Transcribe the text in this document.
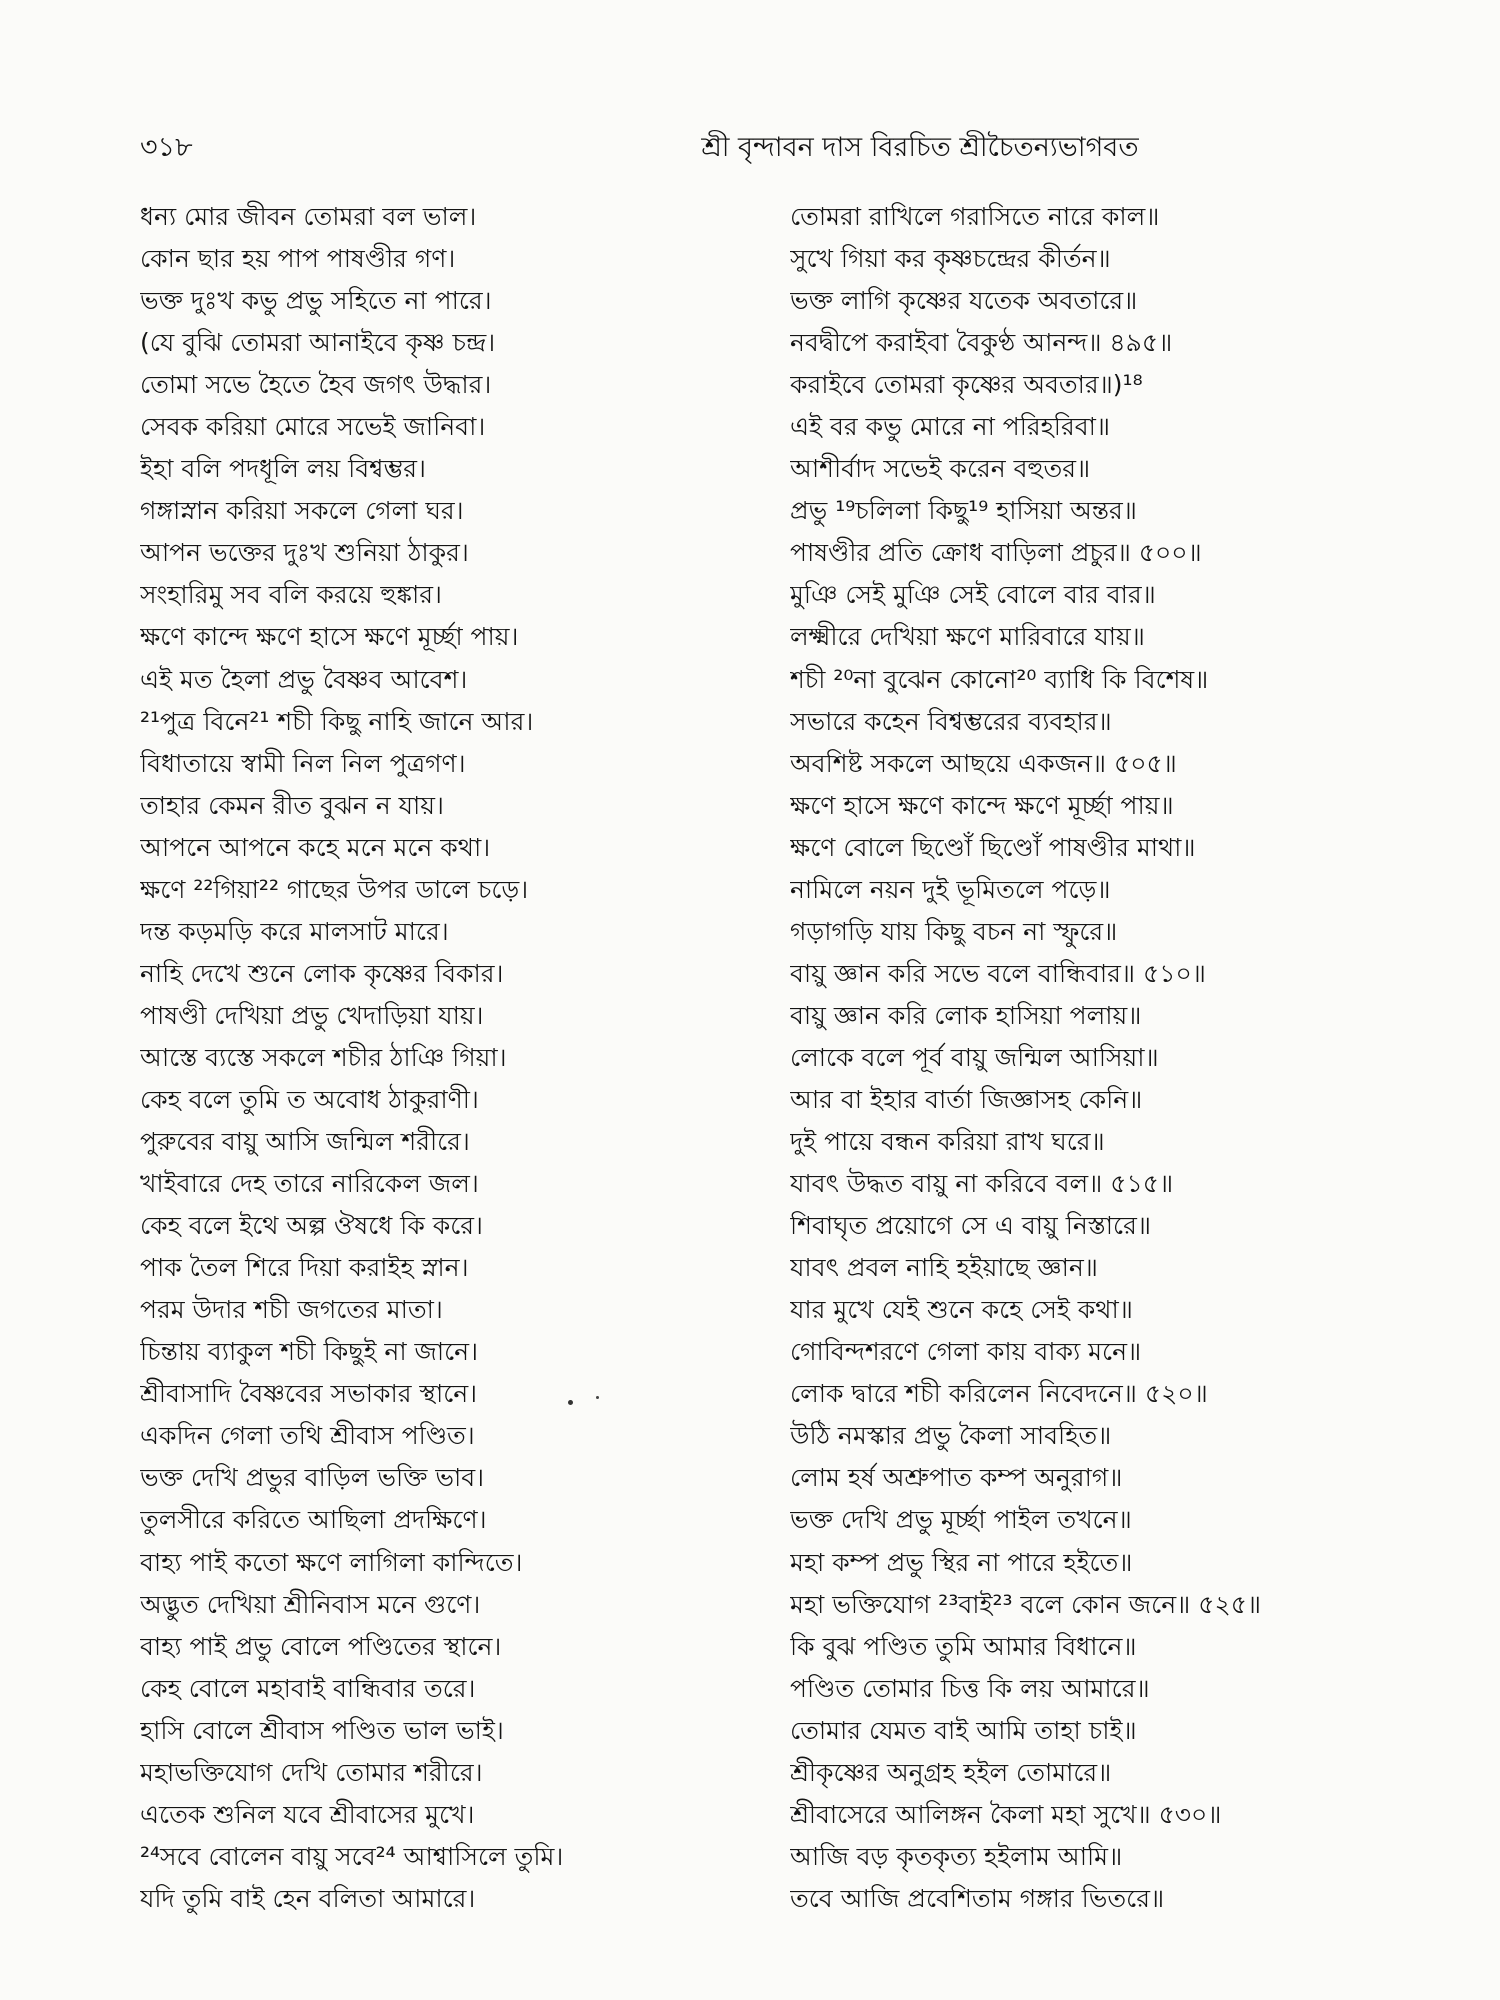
৩১৮	শ্রী বৃন্দাবন দাস বিরচিত শ্রীচৈতন্যভাগবত
ধন্য মোর জীবন তোমরা বল ভাল।
কোন ছার হয় পাপ পাষণ্ডীর গণ।
ভক্ত দুঃখ কভু প্রভু সহিতে না পারে।
(যে বুঝি তোমরা আনাইবে কৃষ্ণ চন্দ্র।
তোমা সভে হৈতে হৈব জগৎ উদ্ধার।
সেবক করিয়া মোরে সভেই জানিবা।
ইহা বলি পদধূলি লয় বিশ্বম্ভর।
গঙ্গাস্নান করিয়া সকলে গেলা ঘর।
আপন ভক্তের দুঃখ শুনিয়া ঠাকুর।
সংহারিমু সব বলি করয়ে হুঙ্কার।
ক্ষণে কান্দে ক্ষণে হাসে ক্ষণে মূর্চ্ছা পায়।
এই মত হৈলা প্রভু বৈষ্ণব আবেশ।
²¹পুত্র বিনে²¹ শচী কিছু নাহি জানে আর।
বিধাতায়ে স্বামী নিল নিল পুত্রগণ।
তাহার কেমন রীত বুঝন ন যায়।
আপনে আপনে কহে মনে মনে কথা।
ক্ষণে ²²গিয়া²² গাছের উপর ডালে চড়ে।
দন্ত কড়মড়ি করে মালসাট মারে।
নাহি দেখে শুনে লোক কৃষ্ণের বিকার।
পাষণ্ডী দেখিয়া প্রভু খেদাড়িয়া যায়।
আস্তে ব্যস্তে সকলে শচীর ঠাঞি গিয়া।
কেহ বলে তুমি ত অবোধ ঠাকুরাণী।
পুরুবের বায়ু আসি জন্মিল শরীরে।
খাইবারে দেহ তারে নারিকেল জল।
কেহ বলে ইথে অল্প ঔষধে কি করে।
পাক তৈল শিরে দিয়া করাইহ স্নান।
পরম উদার শচী জগতের মাতা।
চিন্তায় ব্যাকুল শচী কিছুই না জানে।
শ্রীবাসাদি বৈষ্ণবের সভাকার স্থানে।
একদিন গেলা তথি শ্রীবাস পণ্ডিত।
ভক্ত দেখি প্রভুর বাড়িল ভক্তি ভাব।
তুলসীরে করিতে আছিলা প্রদক্ষিণে।
বাহ্য পাই কতো ক্ষণে লাগিলা কান্দিতে।
অদ্ভুত দেখিয়া শ্রীনিবাস মনে গুণে।
বাহ্য পাই প্রভু বোলে পণ্ডিতের স্থানে।
কেহ বোলে মহাবাই বান্ধিবার তরে।
হাসি বোলে শ্রীবাস পণ্ডিত ভাল ভাই।
মহাভক্তিযোগ দেখি তোমার শরীরে।
এতেক শুনিল যবে শ্রীবাসের মুখে।
²⁴সবে বোলেন বায়ু সবে²⁴ আশ্বাসিলে তুমি।
যদি তুমি বাই হেন বলিতা আমারে।
তোমরা রাখিলে গরাসিতে নারে কাল॥
সুখে গিয়া কর কৃষ্ণচন্দ্রের কীর্তন॥
ভক্ত লাগি কৃষ্ণের যতেক অবতারে॥
নবদ্বীপে করাইবা বৈকুণ্ঠ আনন্দ॥ ৪৯৫॥
করাইবে তোমরা কৃষ্ণের অবতার॥)¹⁸
এই বর কভু মোরে না পরিহরিবা॥
আশীর্বাদ সভেই করেন বহুতর॥
প্রভু ¹⁹চলিলা কিছু¹⁹ হাসিয়া অন্তর॥
পাষণ্ডীর প্রতি ক্রোধ বাড়িলা প্রচুর॥ ৫০০॥
মুঞি সেই মুঞি সেই বোলে বার বার॥
লক্ষ্মীরে দেখিয়া ক্ষণে মারিবারে যায়॥
শচী ²⁰না বুঝেন কোনো²⁰ ব্যাধি কি বিশেষ॥
সভারে কহেন বিশ্বম্ভরের ব্যবহার॥
অবশিষ্ট সকলে আছয়ে একজন॥ ৫০৫॥
ক্ষণে হাসে ক্ষণে কান্দে ক্ষণে মূর্চ্ছা পায়॥
ক্ষণে বোলে ছিণ্ডোঁ ছিণ্ডোঁ পাষণ্ডীর মাথা॥
নামিলে নয়ন দুই ভূমিতলে পড়ে॥
গড়াগড়ি যায় কিছু বচন না স্ফুরে॥
বায়ু জ্ঞান করি সভে বলে বান্ধিবার॥ ৫১০॥
বায়ু জ্ঞান করি লোক হাসিয়া পলায়॥
লোকে বলে পূর্ব বায়ু জন্মিল আসিয়া॥
আর বা ইহার বার্তা জিজ্ঞাসহ কেনি॥
দুই পায়ে বন্ধন করিয়া রাখ ঘরে॥
যাবৎ উদ্ধত বায়ু না করিবে বল॥ ৫১৫॥
শিবাঘৃত প্রয়োগে সে এ বায়ু নিস্তারে॥
যাবৎ প্রবল নাহি হইয়াছে জ্ঞান॥
যার মুখে যেই শুনে কহে সেই কথা॥
গোবিন্দশরণে গেলা কায় বাক্য মনে॥
লোক দ্বারে শচী করিলেন নিবেদনে॥ ৫২০॥
উঠি নমস্কার প্রভু কৈলা সাবহিত॥
লোম হর্ষ অশ্রুপাত কম্প অনুরাগ॥
ভক্ত দেখি প্রভু মূর্চ্ছা পাইল তখনে॥
মহা কম্প প্রভু স্থির না পারে হইতে॥
মহা ভক্তিযোগ ²³বাই²³ বলে কোন জনে॥ ৫২৫॥
কি বুঝ পণ্ডিত তুমি আমার বিধানে॥
পণ্ডিত তোমার চিত্ত কি লয় আমারে॥
তোমার যেমত বাই আমি তাহা চাই॥
শ্রীকৃষ্ণের অনুগ্রহ হইল তোমারে॥
শ্রীবাসেরে আলিঙ্গন কৈলা মহা সুখে॥ ৫৩০॥
আজি বড় কৃতকৃত্য হইলাম আমি॥
তবে আজি প্রবেশিতাম গঙ্গার ভিতরে॥
